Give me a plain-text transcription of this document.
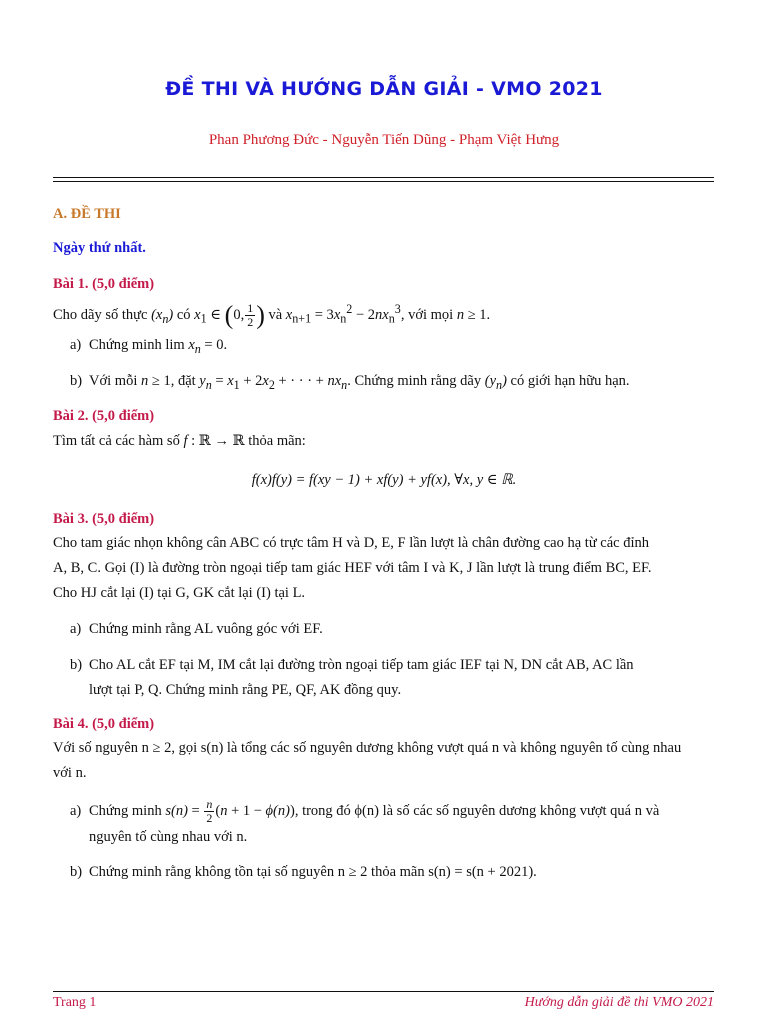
ĐỀ THI VÀ HƯỚNG DẪN GIẢI - VMO 2021
Phan Phương Đức - Nguyễn Tiến Dũng - Phạm Việt Hưng
A. ĐỀ THI
Ngày thứ nhất.
Bài 1. (5,0 điểm)
Cho dãy số thực $(x_n)$ có $x_1$ ∈ (0, $\frac{1}{2}$ ) và $x_{n+1} = 3x_n^2 - 2nx_n^3$, với mọi n ≥ 1.
a) Chứng minh $\lim x_n = 0$.
b) Với mỗi n ≥ 1, đặt $y_n = x_1 + 2x_2$ + · · · + $nx_n$. Chứng minh rằng dãy $(y_n)$ có giới hạn hữu hạn.
Bài 2. (5,0 điểm)
Tìm tất cả các hàm số f : ℝ → ℝ thỏa mãn:
f(x)f(y) = f(xy − 1) + xf(y) + yf(x), ∀x, y ∈ ℝ.
Bài 3. (5,0 điểm)
Cho tam giác nhọn không cân ABC có trực tâm H và D, E, F lần lượt là chân đường cao hạ từ các đỉnh
A, B, C. Gọi (I) là đường tròn ngoại tiếp tam giác HEF với tâm I và K, J lần lượt là trung điểm BC, EF.
Cho HJ cắt lại (I) tại G, GK cắt lại (I) tại L.
a) Chứng minh rằng AL vuông góc với EF.
b) Cho AL cắt EF tại M, IM cắt lại đường tròn ngoại tiếp tam giác IEF tại N, DN cắt AB, AC lần
lượt tại P, Q. Chứng minh rằng PE, QF, AK đồng quy.
Bài 4. (5,0 điểm)
Với số nguyên n ≥ 2, gọi s(n) là tổng các số nguyên dương không vượt quá n và không nguyên tố cùng nhau
với n.
a) Chứng minh $s(n) = \frac{n}{2} (n + 1 - \phi(n))$, trong đó ϕ(n) là số các số nguyên dương không vượt quá n và
nguyên tố cùng nhau với n.
b) Chứng minh rằng không tồn tại số nguyên n ≥ 2 thỏa mãn s(n) = s(n + 2021).
Trang 1	Hướng dẫn giải đề thi VMO 2021
